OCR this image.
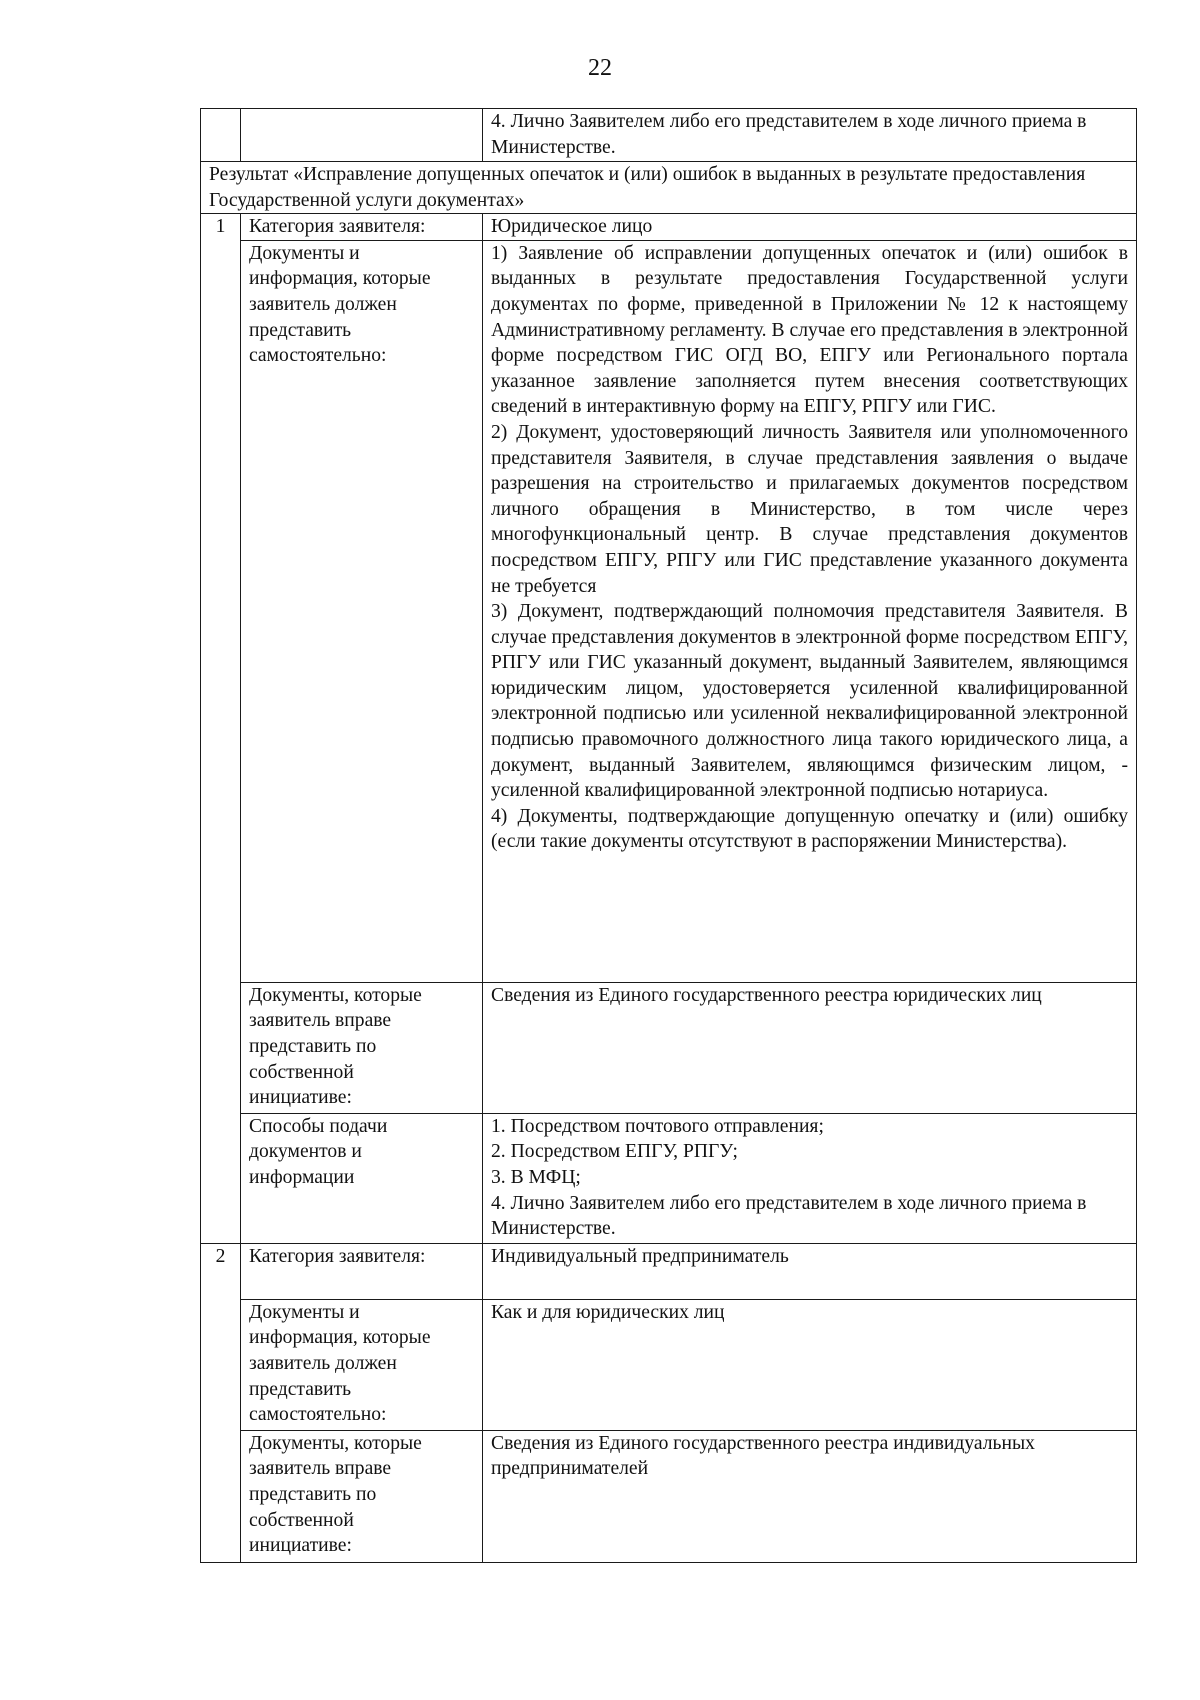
22

		4. Лично Заявителем либо его представителем в ходе личного приема в Министерстве.

Результат «Исправление допущенных опечаток и (или) ошибок в выданных в результате предоставления Государственной услуги документах»		

1	Категория заявителя:	Юридическое лицо

	Документы и информация, которые заявитель должен представить самостоятельно:	1) Заявление об исправлении допущенных опечаток и (или) ошибок в выданных в результате предоставления Государственной услуги документах по форме, приведенной в Приложении № 12 к настоящему Административному регламенту. В случае его представления в электронной форме посредством ГИС ОГД ВО, ЕПГУ или Регионального портала указанное заявление заполняется путем внесения соответствующих сведений в интерактивную форму на ЕПГУ, РПГУ или ГИС.
2) Документ, удостоверяющий личность Заявителя или уполномоченного представителя Заявителя, в случае представления заявления о выдаче разрешения на строительство и прилагаемых документов посредством личного обращения в Министерство, в том числе через многофункциональный центр. В случае представления документов посредством ЕПГУ, РПГУ или ГИС представление указанного документа не требуется
3) Документ, подтверждающий полномочия представителя Заявителя. В случае представления документов в электронной форме посредством ЕПГУ, РПГУ или ГИС указанный документ, выданный Заявителем, являющимся юридическим лицом, удостоверяется усиленной квалифицированной электронной подписью или усиленной неквалифицированной электронной подписью правомочного должностного лица такого юридического лица, а документ, выданный Заявителем, являющимся физическим лицом, - усиленной квалифицированной электронной подписью нотариуса.
4) Документы, подтверждающие допущенную опечатку и (или) ошибку (если такие документы отсутствуют в распоряжении Министерства).

	Документы, которые заявитель вправе представить по собственной инициативе:	Сведения из Единого государственного реестра юридических лиц

	Способы подачи документов и информации	1. Посредством почтового отправления;
2. Посредством ЕПГУ, РПГУ;
3. В МФЦ;
4. Лично Заявителем либо его представителем в ходе личного приема в Министерстве.

2	Категория заявителя:	Индивидуальный предприниматель

	Документы и информация, которые заявитель должен представить самостоятельно:	Как и для юридических лиц

	Документы, которые заявитель вправе представить по собственной инициативе:	Сведения из Единого государственного реестра индивидуальных предпринимателей
